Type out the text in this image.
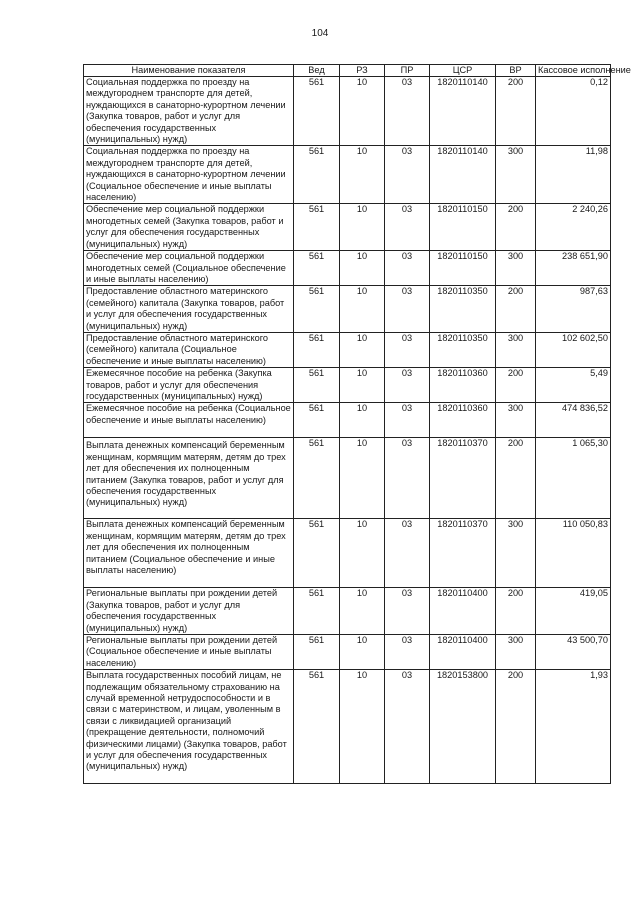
104
Наименование показателя	Вед	РЗ	ПР	ЦСР	ВР	Кассовое исполнение
Социальная поддержка по проезду на междугороднем транспорте для детей, нуждающихся в санаторно-курортном лечении (Закупка товаров, работ и услуг для обеспечения государственных (муниципальных) нужд)	561	10	03	1820110140	200	0,12
Социальная поддержка по проезду на междугороднем транспорте для детей, нуждающихся в санаторно-курортном лечении (Социальное обеспечение и иные выплаты населению)	561	10	03	1820110140	300	11,98
Обеспечение мер социальной поддержки многодетных семей (Закупка товаров, работ и услуг для обеспечения государственных (муниципальных) нужд)	561	10	03	1820110150	200	2 240,26
Обеспечение мер социальной поддержки многодетных семей (Социальное обеспечение и иные выплаты населению)	561	10	03	1820110150	300	238 651,90
Предоставление областного материнского (семейного) капитала (Закупка товаров, работ и услуг для обеспечения государственных (муниципальных) нужд)	561	10	03	1820110350	200	987,63
Предоставление областного материнского (семейного) капитала (Социальное обеспечение и иные выплаты населению)	561	10	03	1820110350	300	102 602,50
Ежемесячное пособие на ребенка (Закупка товаров, работ и услуг для обеспечения государственных (муниципальных) нужд)	561	10	03	1820110360	200	5,49
Ежемесячное пособие на ребенка (Социальное обеспечение и иные выплаты населению)	561	10	03	1820110360	300	474 836,52
Выплата денежных компенсаций беременным женщинам, кормящим матерям, детям до трех лет для обеспечения их полноценным питанием (Закупка товаров, работ и услуг для обеспечения государственных (муниципальных) нужд)	561	10	03	1820110370	200	1 065,30
Выплата денежных компенсаций беременным женщинам, кормящим матерям, детям до трех лет для обеспечения их полноценным питанием (Социальное обеспечение и иные выплаты населению)	561	10	03	1820110370	300	110 050,83
Региональные выплаты при рождении детей (Закупка товаров, работ и услуг для обеспечения государственных (муниципальных) нужд)	561	10	03	1820110400	200	419,05
Региональные выплаты при рождении детей (Социальное обеспечение и иные выплаты населению)	561	10	03	1820110400	300	43 500,70
Выплата государственных пособий лицам, не подлежащим обязательному страхованию на случай временной нетрудоспособности и в связи с материнством, и лицам, уволенным в связи с ликвидацией организаций (прекращение деятельности, полномочий физическими лицами) (Закупка товаров, работ и услуг для обеспечения государственных (муниципальных) нужд)	561	10	03	1820153800	200	1,93
